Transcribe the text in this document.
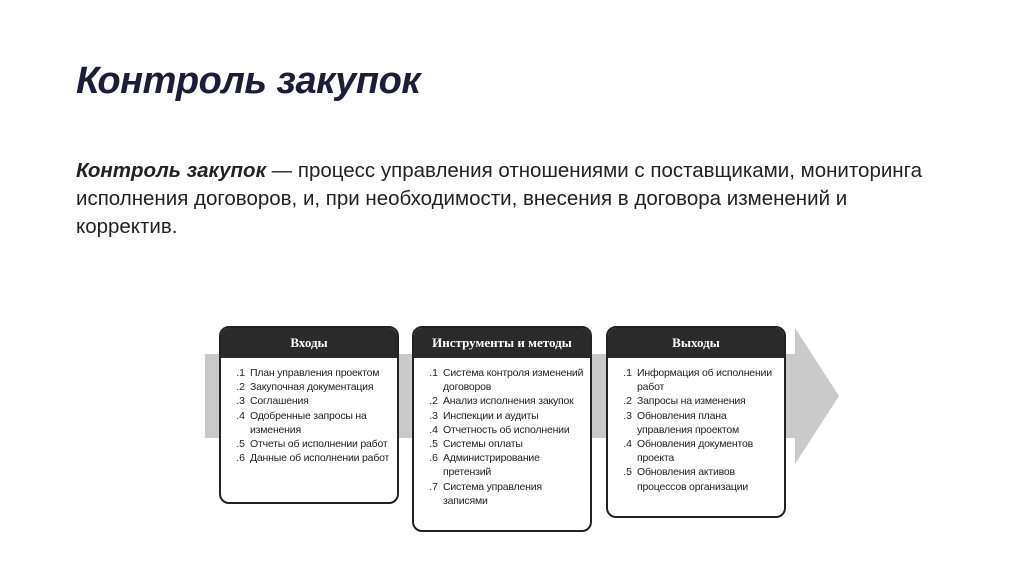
Контроль закупок

Контроль закупок — процесс управления отношениями с поставщиками, мониторинга исполнения договоров, и, при необходимости, внесения в договора изменений и корректив.

Входы
.1 План управления проектом
.2 Закупочная документация
.3 Соглашения
.4 Одобренные запросы на изменения
.5 Отчеты об исполнении работ
.6 Данные об исполнении работ
Инструменты и методы
.1 Система контроля изменений договоров
.2 Анализ исполнения закупок
.3 Инспекции и аудиты
.4 Отчетность об исполнении
.5 Системы оплаты
.6 Администрирование претензий
.7 Система управления записями
Выходы
.1 Информация об исполнении работ
.2 Запросы на изменения
.3 Обновления плана управления проектом
.4 Обновления документов проекта
.5 Обновления активов процессов организации
